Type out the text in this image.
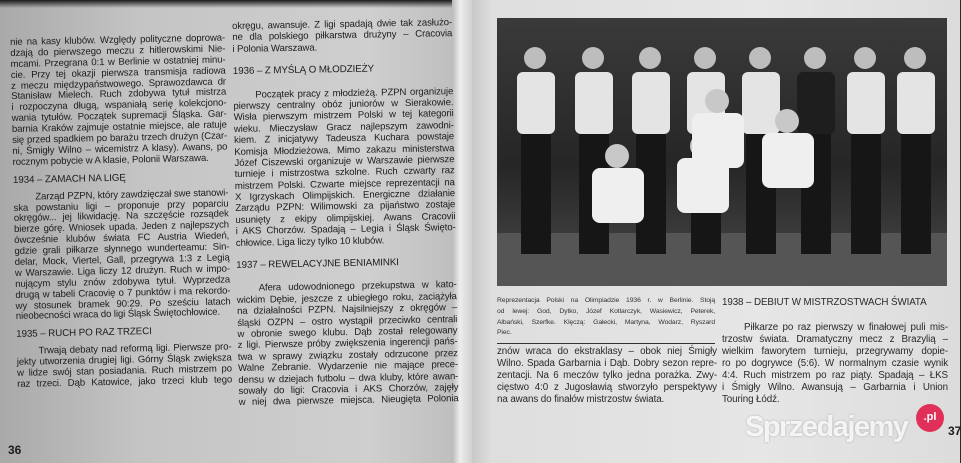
nie na kasy klubów. Względy polityczne doprowa-
dzają do pierwszego meczu z hitlerowskimi Nie-
mcami. Przegrana 0:1 w Berlinie w ostatniej minu-
cie. Przy tej okazji pierwsza transmisja radiowa
z meczu międzypaństwowego. Sprawozdawca dr
Stanisław Mielech. Ruch zdobywa tytuł mistrza
i rozpoczyna długą, wspaniałą serię kolekcjono-
wania tytułów. Początek supremacji Śląska. Gar-
barnia Kraków zajmuje ostatnie miejsce, ale ratuje
się przed spadkiem po barażu trzech drużyn (Czar-
ni, Śmigły Wilno – wicemistrz A klasy). Awans, po
rocznym pobycie w A klasie, Polonii Warszawa.
1934 – ZAMACH NA LIGĘ
Zarząd PZPN, który zawdzięczał swe stanowi-
ska powstaniu ligi – proponuje przy poparciu
okręgów... jej likwidację. Na szczęście rozsądek
bierze górę. Wniosek upada. Jeden z najlepszych
ówcześnie klubów świata FC Austria Wiedeń,
gdzie grali piłkarze słynnego wunderteamu: Sin-
delar, Mock, Viertel, Gall, przegrywa 1:3 z Legią
w Warszawie. Liga liczy 12 drużyn. Ruch w impo-
nującym stylu znów zdobywa tytuł. Wyprzedza
drugą w tabeli Cracovię o 7 punktów i ma rekordo-
wy stosunek bramek 90:29. Po sześciu latach
nieobecności wraca do ligi Śląsk Świętochłowice.
1935 – RUCH PO RAZ TRZECI
Trwają debaty nad reformą ligi. Pierwsze pro-
jekty utworzenia drugiej ligi. Górny Śląsk zwiększa
w lidze swój stan posiadania. Ruch mistrzem po
raz trzeci. Dąb Katowice, jako trzeci klub tego
okręgu, awansuje. Z ligi spadają dwie tak zasłużo-
ne dla polskiego piłkarstwa drużyny – Cracovia
i Polonia Warszawa.
1936 – Z MYŚLĄ O MŁODZIEŻY
Początek pracy z młodzieżą. PZPN organizuje
pierwszy centralny obóz juniorów w Sierakowie.
Wisła pierwszym mistrzem Polski w tej kategorii
wieku. Mieczysław Gracz najlepszym zawodni-
kiem. Z inicjatywy Tadeusza Kuchara powstaje
Komisja Młodzieżowa. Mimo zakazu ministerstwa
Józef Ciszewski organizuje w Warszawie pierwsze
turnieje i mistrzostwa szkolne. Ruch czwarty raz
mistrzem Polski. Czwarte miejsce reprezentacji na
X Igrzyskach Olimpijskich. Energiczne działanie
Zarządu PZPN: Wilimowski za pijaństwo zostaje
usunięty z ekipy olimpijskiej. Awans Cracovii
i AKS Chorzów. Spadają – Legia i Śląsk Święto-
chłowice. Liga liczy tylko 10 klubów.
1937 – REWELACYJNE BENIAMINKI
Afera udowodnionego przekupstwa w kato-
wickim Dębie, jeszcze z ubiegłego roku, zaciążyła
na działalności PZPN. Najsilniejszy z okręgów –
śląski OZPN – ostro wystąpił przeciwko centrali
w obronie swego klubu. Dąb został relegowany
z ligi. Pierwsze próby zwiększenia ingerencji pańs-
twa w sprawy związku zostały odrzucone przez
Walne Zebranie. Wydarzenie nie mające prece-
densu w dziejach futbolu – dwa kluby, które awan-
sowały do ligi: Cracovia i AKS Chorzów, zajęły
w niej dwa pierwsze miejsca. Nieugięta Polonia
36
Reprezentacja Polski na Olimpiadzie 1936 r. w Berlinie. Stoją
od lewej: God, Dytko, Józef Kotlarczyk, Wasiewicz, Peterek,
Albański, Szerfke. Klęczą: Gałecki, Martyna, Wodarz, Ryszard
Piec.
znów wraca do ekstraklasy – obok niej Śmigły
Wilno. Spada Garbarnia i Dąb. Dobry sezon repre-
zentacji. Na 6 meczów tylko jedna porażka. Zwy-
cięstwo 4:0 z Jugosławią stworzyło perspektywy
na awans do finałów mistrzostw świata.
1938 – DEBIUT W MISTRZOSTWACH ŚWIATA
Piłkarze po raz pierwszy w finałowej puli mis-
trzostw świata. Dramatyczny mecz z Brazylią –
wielkim faworytem turnieju, przegrywamy dopie-
ro po dogrywce (5:6). W normalnym czasie wynik
4:4. Ruch mistrzem po raz piąty. Spadają – ŁKS
i Śmigły Wilno. Awansują – Garbarnia i Union
Touring Łódź.
37
Sprzedajemy	.pl
